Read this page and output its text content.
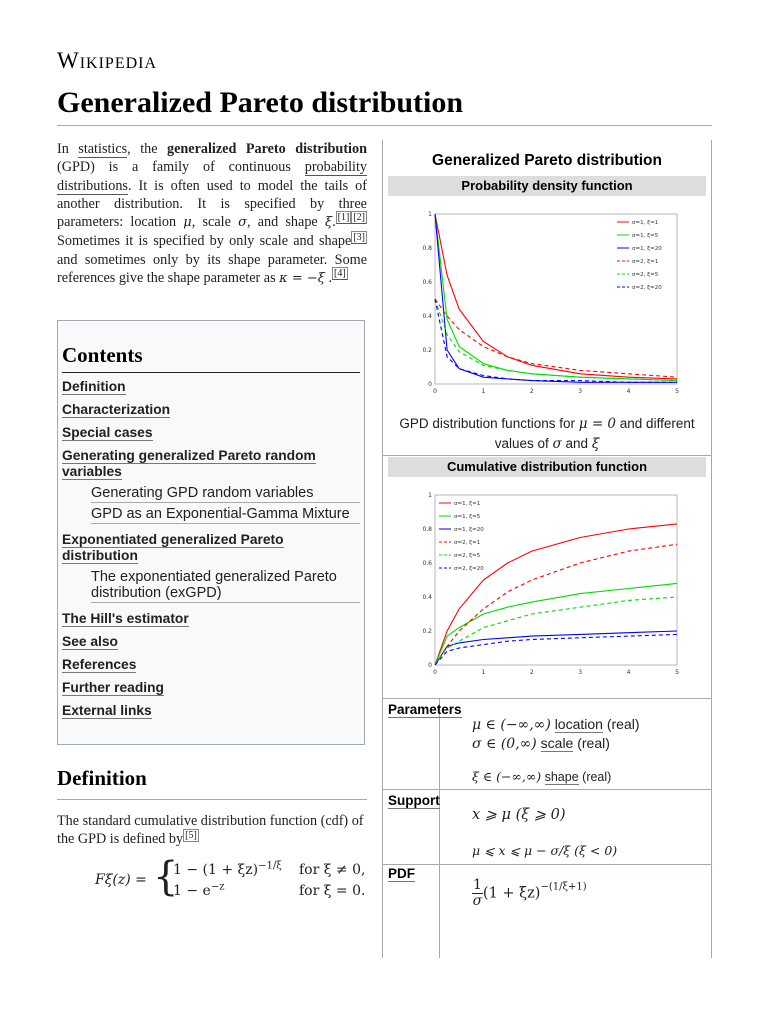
Wikipedia
Generalized Pareto distribution

In statistics, the generalized Pareto distribution (GPD) is a family of continuous probability distributions. It is often used to model the tails of another distribution. It is specified by three parameters: location μ, scale σ, and shape ξ. [1] [2] Sometimes it is specified by only scale and shape [3] and sometimes only by its shape parameter. Some references give the shape parameter as κ = −ξ . [4]

Contents
Definition
Characterization
Special cases
Generating generalized Pareto random variables
Generating GPD random variables
GPD as an Exponential-Gamma Mixture
Exponentiated generalized Pareto distribution
The exponentiated generalized Pareto distribution (exGPD)
The Hill's estimator
See also
References
Further reading
External links
Definition

The standard cumulative distribution function (cdf) of the GPD is defined by [5]

Fξ(z) = {
$1 - (1 + \xi z)^{-1/\xi}$ for ξ ≠ 0,
$1 - e^{-z}$	for ξ = 0.
Generalized Pareto distribution
Probability density function
0
0.2
0.4
0.6
0.8
1
0	1	2	3	4	5
σ=1, ξ=1
σ=1, ξ=5
σ=1, ξ=20
σ=2, ξ=1
σ=2, ξ=5
σ=2, ξ=20
GPD distribution functions for μ = 0 and different values of σ and ξ
Cumulative distribution function
0
0.2
0.4
0.6
0.8
1
0	1	2	3	4	5
σ=1, ξ=1
σ=1, ξ=5
σ=1, ξ=20
σ=2, ξ=1
σ=2, ξ=5
σ=2, ξ=20
Parameters
μ ∈ (−∞,∞) location (real)
σ ∈ (0,∞) scale (real)
ξ ∈ (−∞,∞) shape (real)
Support
x ⩾ μ (ξ ⩾ 0)
μ ⩽ x ⩽ μ − σ/ξ (ξ < 0)
PDF
$\frac{1}{\sigma} (1 + \xi z)^{-(1/\xi+1)}$
